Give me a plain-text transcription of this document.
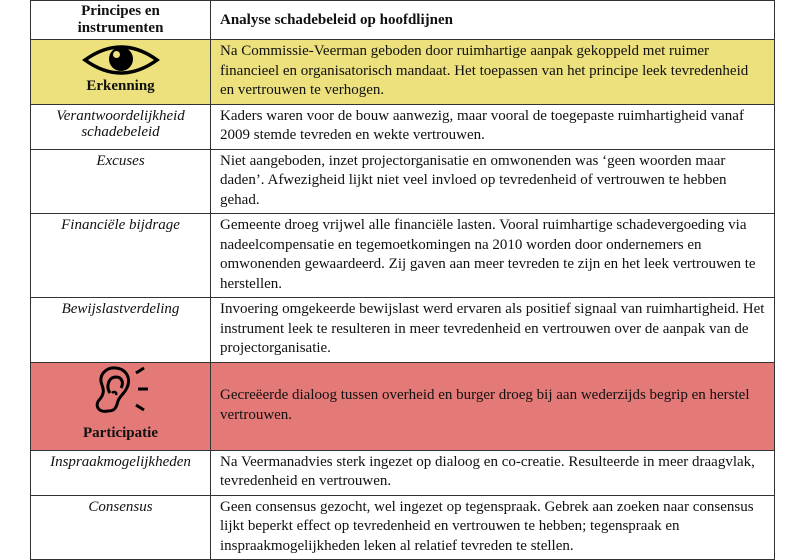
Principes en
instrumenten	Analyse schadebeleid op hoofdlijnen

Erkenning	Na Commissie-Veerman geboden door ruimhartige aanpak gekoppeld met ruimer financieel en organisatorisch mandaat. Het toepassen van het principe leek tevredenheid en vertrouwen te verhogen.
Verantwoordelijkheid
schadebeleid	Kaders waren voor de bouw aanwezig, maar vooral de toegepaste ruimhartigheid vanaf 2009 stemde tevreden en wekte vertrouwen.
Excuses	Niet aangeboden, inzet projectorganisatie en omwonenden was ‘geen woorden maar daden’. Afwezigheid lijkt niet veel invloed op tevredenheid of vertrouwen te hebben gehad.
Financiële bijdrage	Gemeente droeg vrijwel alle financiële lasten. Vooral ruimhartige schadevergoeding via nadeelcompensatie en tegemoetkomingen na 2010 worden door ondernemers en omwonenden gewaardeerd. Zij gaven aan meer tevreden te zijn en het leek vertrouwen te herstellen.
Bewijslastverdeling	Invoering omgekeerde bewijslast werd ervaren als positief signaal van ruimhartigheid. Het instrument leek te resulteren in meer tevredenheid en vertrouwen over de aanpak van de projectorganisatie.

Participatie	Gecreëerde dialoog tussen overheid en burger droeg bij aan wederzijds begrip en herstel vertrouwen.
Inspraakmogelijkheden	Na Veermanadvies sterk ingezet op dialoog en co-creatie. Resulteerde in meer draagvlak, tevredenheid en vertrouwen.
Consensus	Geen consensus gezocht, wel ingezet op tegenspraak. Gebrek aan zoeken naar consensus lijkt beperkt effect op tevredenheid en vertrouwen te hebben; tegenspraak en inspraakmogelijkheden leken al relatief tevreden te stellen.
